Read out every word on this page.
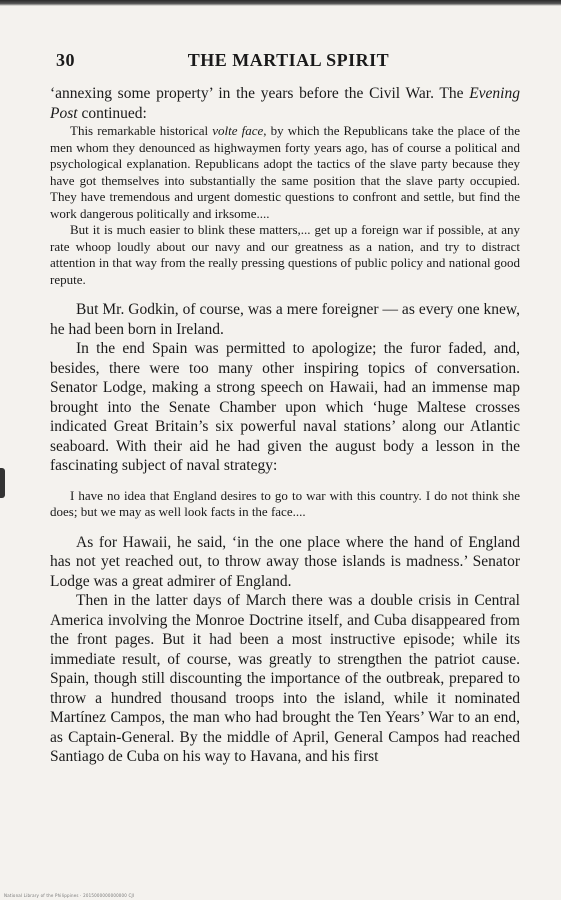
30	THE MARTIAL SPIRIT

‘annexing some property’ in the years before the Civil War. The Evening Post continued:

This remarkable historical volte face, by which the Republicans take the place of the men whom they denounced as highwaymen forty years ago, has of course a political and psychological explanation. Republicans adopt the tactics of the slave party because they have got themselves into substantially the same position that the slave party occupied. They have tremendous and urgent domestic questions to confront and settle, but find the work dangerous politically and irksome....

But it is much easier to blink these matters,... get up a foreign war if possible, at any rate whoop loudly about our navy and our greatness as a nation, and try to distract attention in that way from the really pressing questions of public policy and national good repute.

But Mr. Godkin, of course, was a mere foreigner — as every one knew, he had been born in Ireland.

In the end Spain was permitted to apologize; the furor faded, and, besides, there were too many other inspiring topics of conversation. Senator Lodge, making a strong speech on Hawaii, had an immense map brought into the Senate Chamber upon which ‘huge Maltese crosses indicated Great Britain’s six powerful naval stations’ along our Atlantic seaboard. With their aid he had given the august body a lesson in the fascinating subject of naval strategy:

I have no idea that England desires to go to war with this country. I do not think she does; but we may as well look facts in the face....

As for Hawaii, he said, ‘in the one place where the hand of England has not yet reached out, to throw away those islands is madness.’ Senator Lodge was a great admirer of England.

Then in the latter days of March there was a double crisis in Central America involving the Monroe Doctrine itself, and Cuba disappeared from the front pages. But it had been a most instructive episode; while its immediate result, of course, was greatly to strengthen the patriot cause. Spain, though still discounting the importance of the outbreak, prepared to throw a hundred thousand troops into the island, while it nominated Martínez Campos, the man who had brought the Ten Years’ War to an end, as Captain-General. By the middle of April, General Campos had reached Santiago de Cuba on his way to Havana, and his first

National Library of the Philippines · 2015000000000000 CJI
